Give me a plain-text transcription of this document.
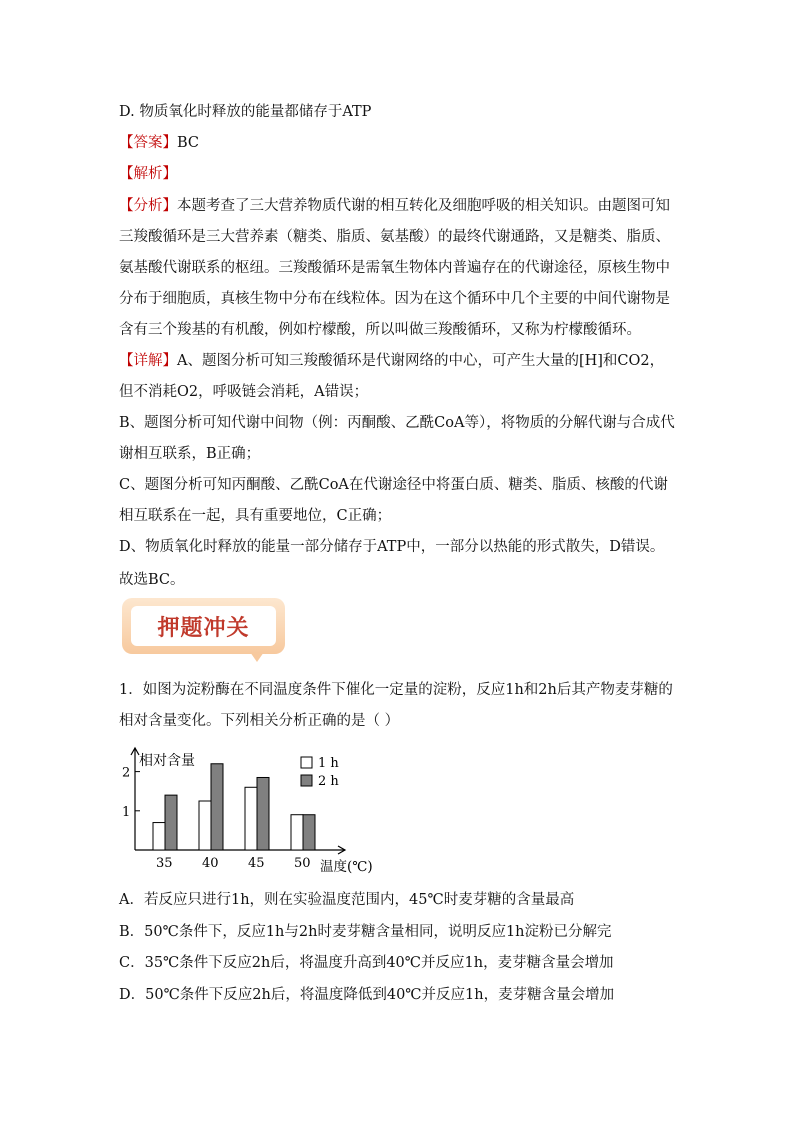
D. 物质氧化时释放的能量都储存于ATP
【答案】BC
【解析】
【分析】本题考查了三大营养物质代谢的相互转化及细胞呼吸的相关知识。由题图可知三羧酸循环是三大营养素（糖类、脂质、氨基酸）的最终代谢通路，又是糖类、脂质、氨基酸代谢联系的枢纽。三羧酸循环是需氧生物体内普遍存在的代谢途径，原核生物中分布于细胞质，真核生物中分布在线粒体。因为在这个循环中几个主要的中间代谢物是含有三个羧基的有机酸，例如柠檬酸，所以叫做三羧酸循环，又称为柠檬酸循环。
【详解】A、题图分析可知三羧酸循环是代谢网络的中心，可产生大量的[H]和CO2，但不消耗O2，呼吸链会消耗，A错误；
B、题图分析可知代谢中间物（例：丙酮酸、乙酰CoA等），将物质的分解代谢与合成代谢相互联系，B正确；
C、题图分析可知丙酮酸、乙酰CoA在代谢途径中将蛋白质、糖类、脂质、核酸的代谢相互联系在一起，具有重要地位，C正确；
D、物质氧化时释放的能量一部分储存于ATP中，一部分以热能的形式散失，D错误。
故选BC。
押题冲关
1．如图为淀粉酶在不同温度条件下催化一定量的淀粉，反应1h和2h后其产物麦芽糖的相对含量变化。下列相关分析正确的是（ ）
相对含量
1
2
35 40 45 50 温度(℃)
1 h
2 h
A．若反应只进行1h，则在实验温度范围内，45℃时麦芽糖的含量最高
B．50℃条件下，反应1h与2h时麦芽糖含量相同，说明反应1h淀粉已分解完
C．35℃条件下反应2h后，将温度升高到40℃并反应1h，麦芽糖含量会增加
D．50℃条件下反应2h后，将温度降低到40℃并反应1h，麦芽糖含量会增加
